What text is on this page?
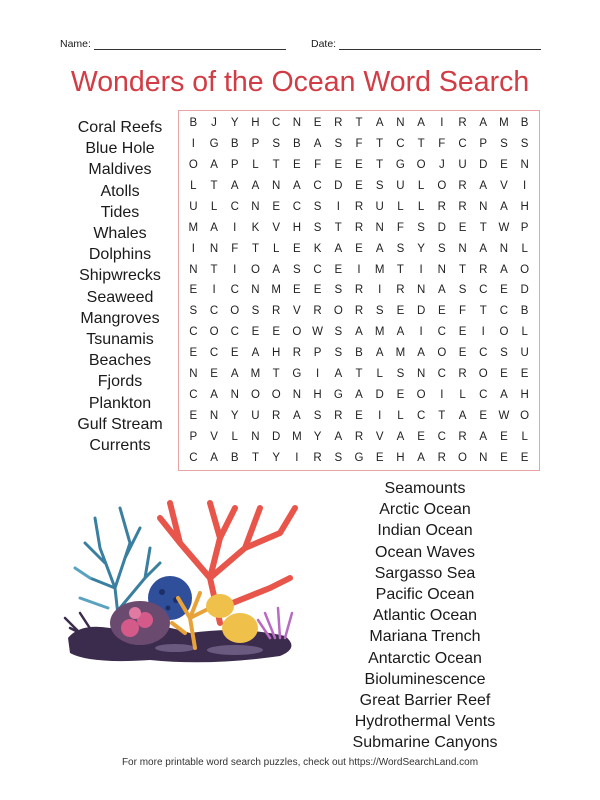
Name:	Date:
Wonders of the Ocean Word Search
B	J	Y	H	C	N	E	R	T	A	N	A	I	R	A	M	B
I	G	B	P	S	B	A	S	F	T	C	T	F	C	P	S	S
O	A	P	L	T	E	F	E	E	T	G	O	J	U	D	E	N
L	T	A	A	N	A	C	D	E	S	U	L	O	R	A	V	I
U	L	C	N	E	C	S	I	R	U	L	L	R	R	N	A	H
M	A	I	K	V	H	S	T	R	N	F	S	D	E	T	W P
I	N	F	T	L	E	K	A	E	A	S	Y	S	N	A	N	L
N	T	I	O	A	S	C	E	I	M	T	I	N	T	R	A	O
E	I	C	N	M	E	E	S	R	I	R	N	A	S	C	E	D
S	C	O	S	R	V	R	O	R	S	E	D	E	F	T	C	B
C	O	C	E	E	O W S	A	M	A	I	C	E	I	O	L
E	C	E	A	H	R	P	S	B	A	M	A	O	E	C	S	U
N	E	A	M	T	G	I	A	T	L	S	N	C	R	O	E	E
C	A	N	O	O	N	H	G	A	D	E	O	I	L	C	A	H
E	N	Y	U	R	A	S	R	E	I	L	C	T	A	E W O
P	V	L	N	D	M	Y	A	R	V	A	E	C	R	A	E	L
C	A	B	T	Y	I	R	S	G	E	H	A	R	O	N	E	E
Coral Reefs
Blue Hole
Maldives
Atolls
Tides
Whales
Dolphins
Shipwrecks
Seaweed
Mangroves
Tsunamis
Beaches
Fjords
Plankton
Gulf Stream
Currents
Seamounts
Arctic Ocean
Indian Ocean
Ocean Waves
Sargasso Sea
Pacific Ocean
Atlantic Ocean
Mariana Trench
Antarctic Ocean
Bioluminescence
Great Barrier Reef
Hydrothermal Vents
Submarine Canyons
For more printable word search puzzles, check out https://WordSearchLand.com
